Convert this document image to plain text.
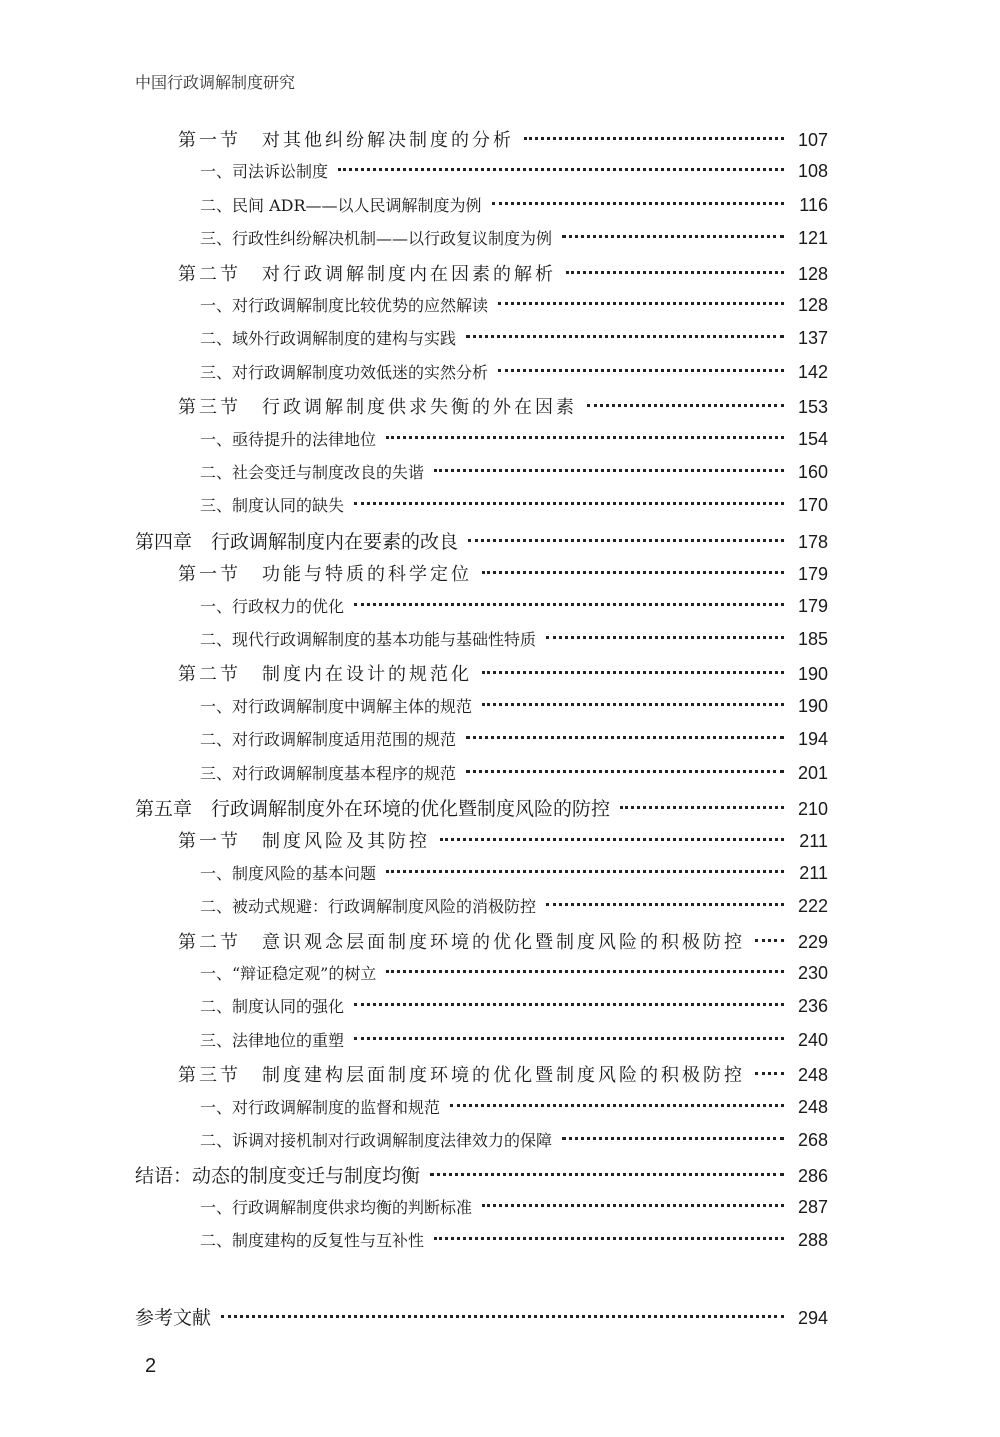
中国行政调解制度研究
第一节　对其他纠纷解决制度的分析	107
一、司法诉讼制度	108
二、民间 ADR——以人民调解制度为例	116
三、行政性纠纷解决机制——以行政复议制度为例	121
第二节　对行政调解制度内在因素的解析	128
一、对行政调解制度比较优势的应然解读	128
二、域外行政调解制度的建构与实践	137
三、对行政调解制度功效低迷的实然分析	142
第三节　行政调解制度供求失衡的外在因素	153
一、亟待提升的法律地位	154
二、社会变迁与制度改良的失谐	160
三、制度认同的缺失	170
第四章　行政调解制度内在要素的改良	178
第一节　功能与特质的科学定位	179
一、行政权力的优化	179
二、现代行政调解制度的基本功能与基础性特质	185
第二节　制度内在设计的规范化	190
一、对行政调解制度中调解主体的规范	190
二、对行政调解制度适用范围的规范	194
三、对行政调解制度基本程序的规范	201
第五章　行政调解制度外在环境的优化暨制度风险的防控	210
第一节　制度风险及其防控	211
一、制度风险的基本问题	211
二、被动式规避：行政调解制度风险的消极防控	222
第二节　意识观念层面制度环境的优化暨制度风险的积极防控	229
一、“辩证稳定观”的树立	230
二、制度认同的强化	236
三、法律地位的重塑	240
第三节　制度建构层面制度环境的优化暨制度风险的积极防控	248
一、对行政调解制度的监督和规范	248
二、诉调对接机制对行政调解制度法律效力的保障	268
结语：动态的制度变迁与制度均衡	286
一、行政调解制度供求均衡的判断标准	287
二、制度建构的反复性与互补性	288
参考文献	294
2
